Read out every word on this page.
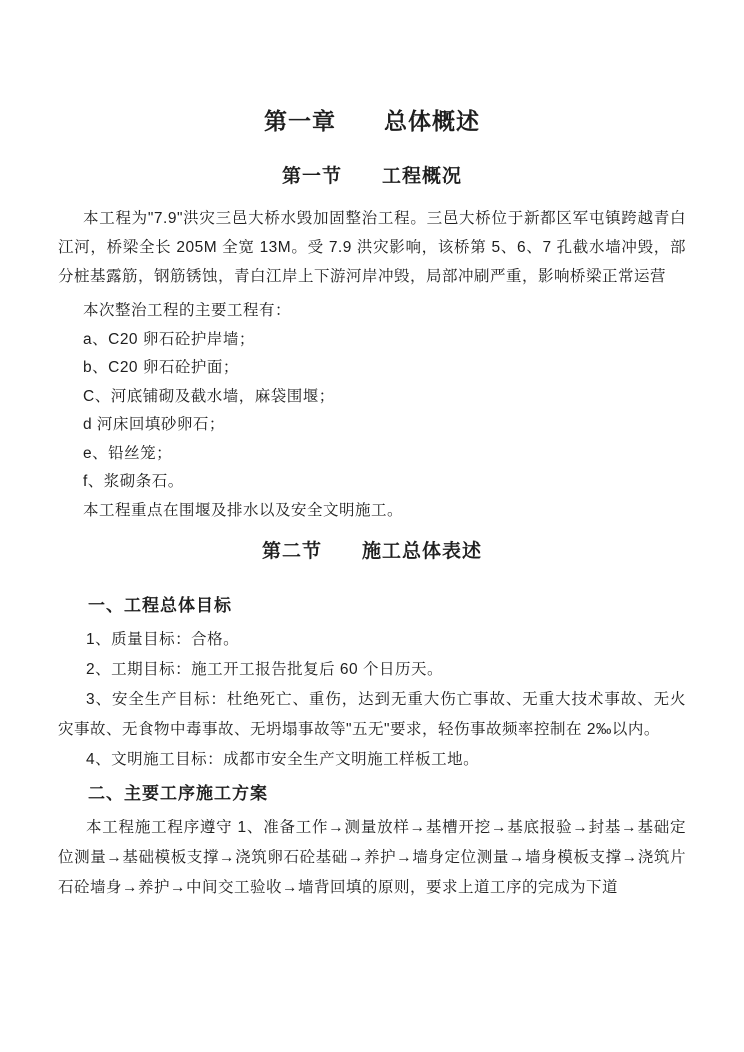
第一章　　总体概述
第一节　　工程概况

本工程为"7.9"洪灾三邑大桥水毁加固整治工程。三邑大桥位于新都区军屯镇跨越青白江河，桥梁全长 205M 全宽 13M。受 7.9 洪灾影响，该桥第 5、6、7 孔截水墙冲毁，部分桩基露筋，钢筋锈蚀，青白江岸上下游河岸冲毁，局部冲刷严重，影响桥梁正常运营

本次整治工程的主要工程有：

a、C20 卵石砼护岸墙；

b、C20 卵石砼护面；

C、河底铺砌及截水墙，麻袋围堰；

d 河床回填砂卵石；

e、铅丝笼；

f、浆砌条石。

本工程重点在围堰及排水以及安全文明施工。

第二节　　施工总体表述
一、工程总体目标

1、质量目标：合格。

2、工期目标：施工开工报告批复后 60 个日历天。

3、安全生产目标：杜绝死亡、重伤，达到无重大伤亡事故、无重大技术事故、无火灾事故、无食物中毒事故、无坍塌事故等"五无"要求，轻伤事故频率控制在 2‰以内。

4、文明施工目标：成都市安全生产文明施工样板工地。

二、主要工序施工方案

本工程施工程序遵守 1、准备工作→测量放样→基槽开挖→基底报验→封基→基础定位测量→基础模板支撑→浇筑卵石砼基础→养护→墙身定位测量→墙身模板支撑→浇筑片石砼墙身→养护→中间交工验收→墙背回填的原则，要求上道工序的完成为下道
